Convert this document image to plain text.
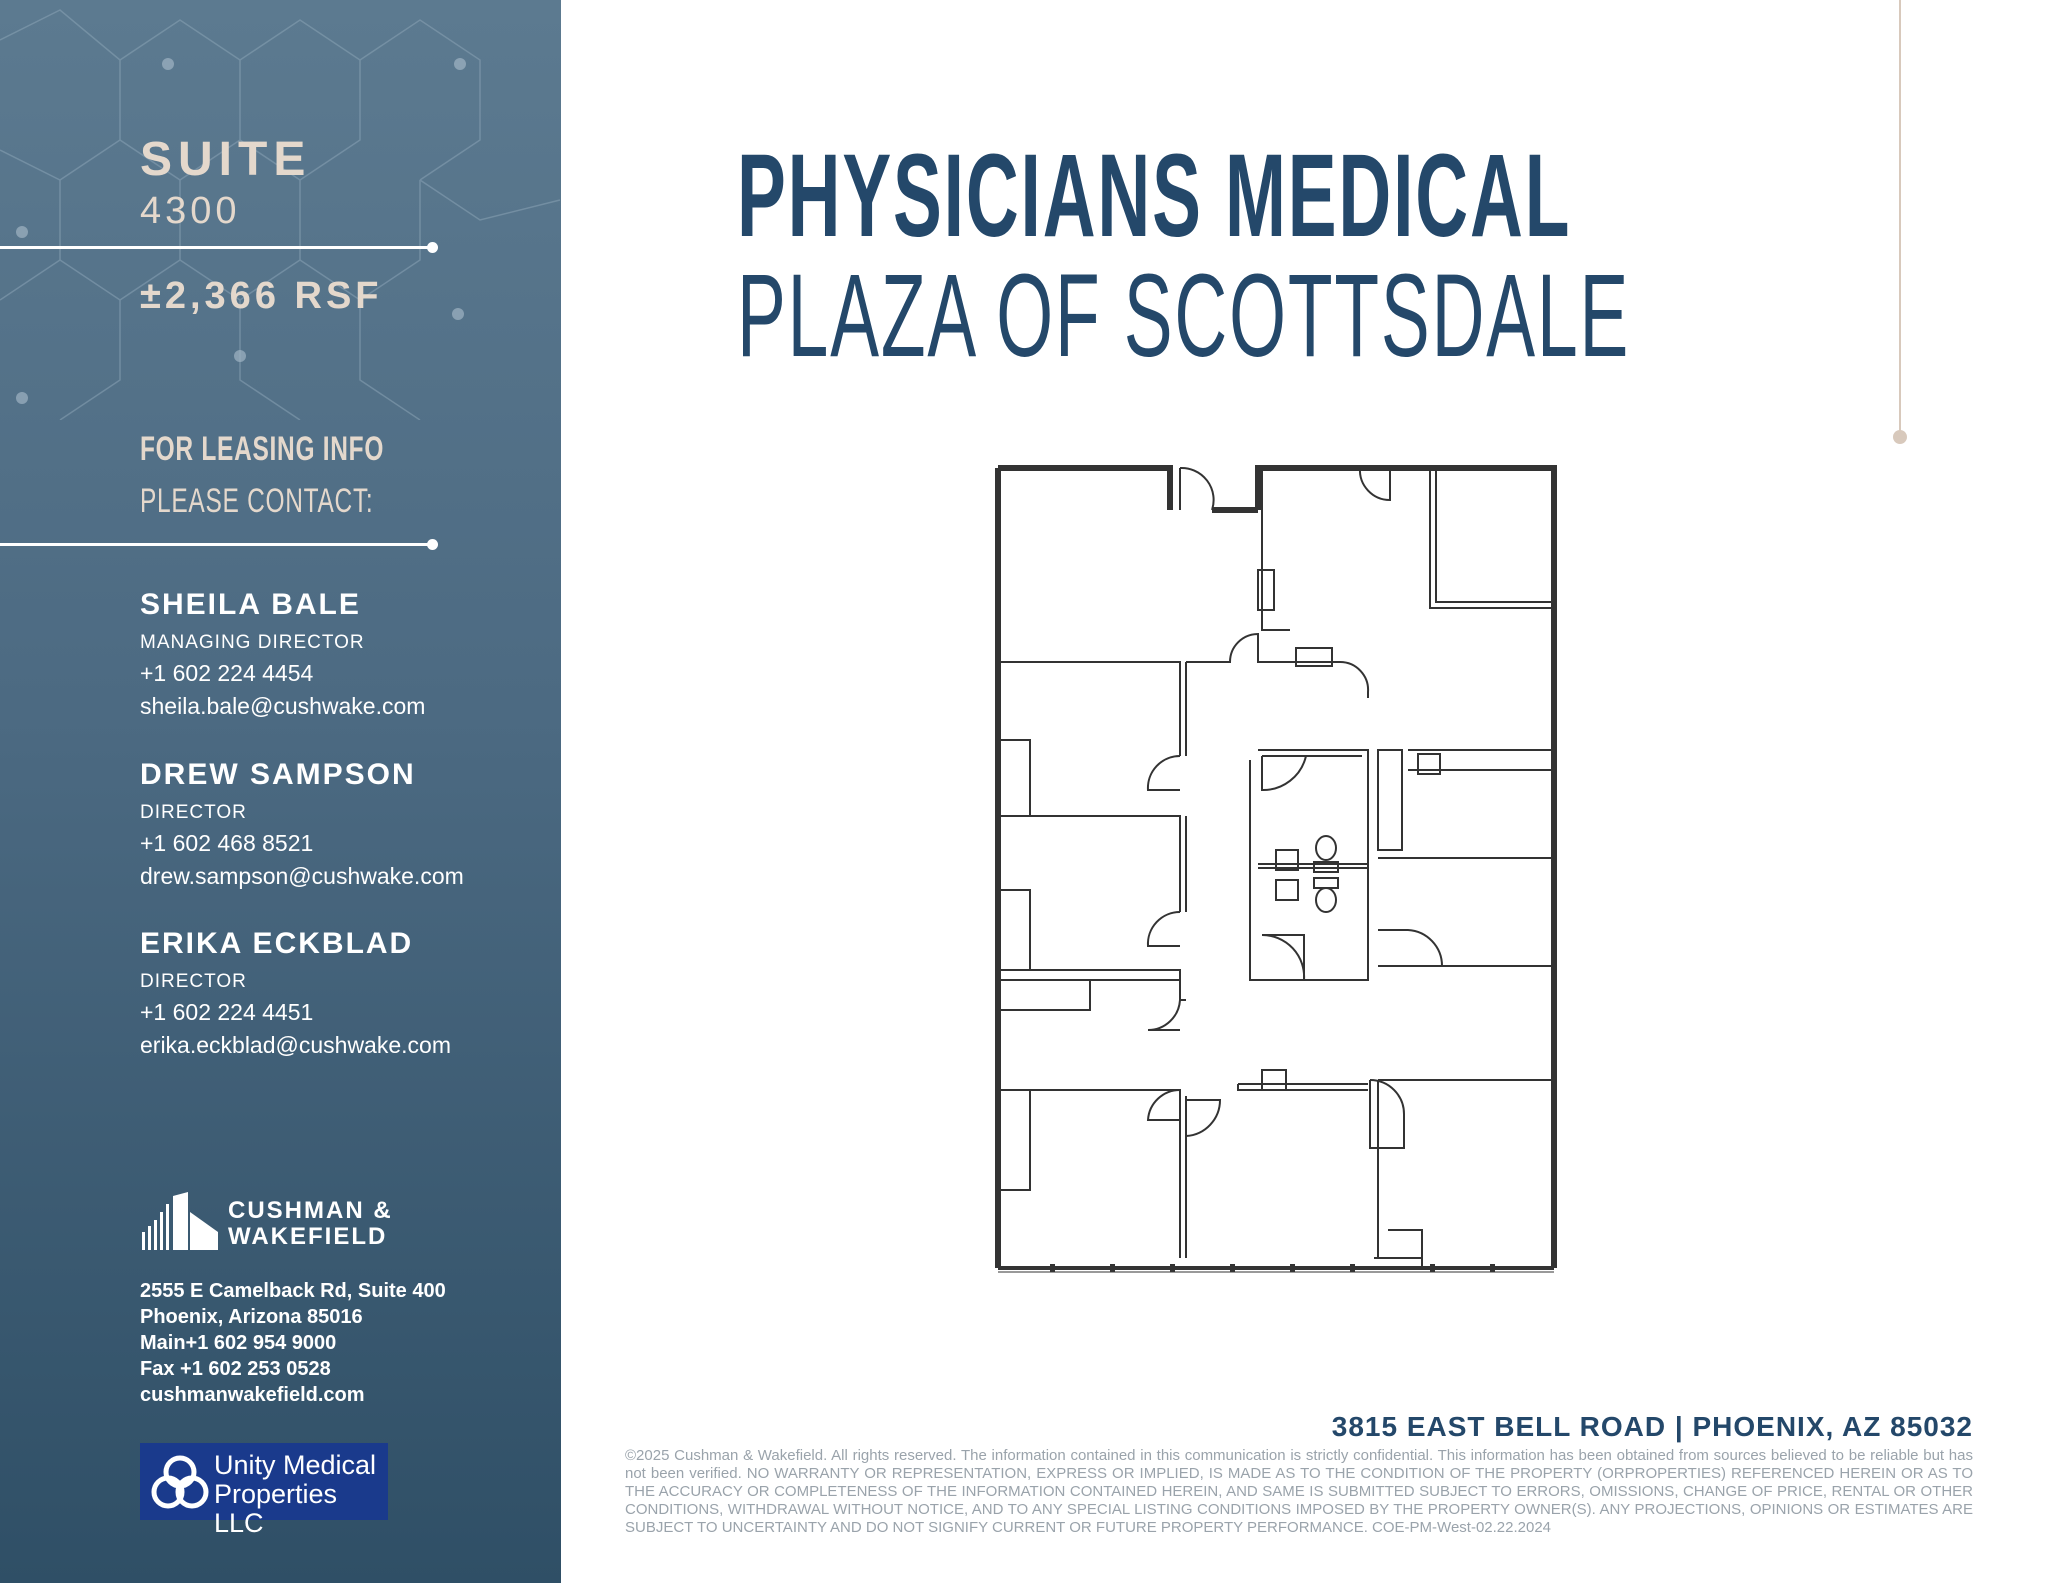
SUITE
4300
±2,366 RSF
FOR LEASING INFO
PLEASE CONTACT:
SHEILA BALE
MANAGING DIRECTOR
+1 602 224 4454
sheila.bale@cushwake.com
DREW SAMPSON
DIRECTOR
+1 602 468 8521
drew.sampson@cushwake.com
ERIKA ECKBLAD
DIRECTOR
+1 602 224 4451
erika.eckblad@cushwake.com
CUSHMAN &
WAKEFIELD
2555 E Camelback Rd, Suite 400
Phoenix, Arizona 85016
Main+1 602 954 9000
Fax +1 602 253 0528
cushmanwakefield.com
Unity Medical
Properties LLC
PHYSICIANS MEDICAL
PLAZA OF SCOTTSDALE
3815 EAST BELL ROAD | PHOENIX, AZ 85032
©2025 Cushman & Wakefield. All rights reserved. The information contained in this communication is strictly confidential. This information has been obtained from sources believed to be reliable but has not been verified. NO WARRANTY OR REPRESENTATION, EXPRESS OR IMPLIED, IS MADE AS TO THE CONDITION OF THE PROPERTY (ORPROPERTIES) REFERENCED HEREIN OR AS TO THE ACCURACY OR COMPLETENESS OF THE INFORMATION CONTAINED HEREIN, AND SAME IS SUBMITTED SUBJECT TO ERRORS, OMISSIONS, CHANGE OF PRICE, RENTAL OR OTHER CONDITIONS, WITHDRAWAL WITHOUT NOTICE, AND TO ANY SPECIAL LISTING CONDITIONS IMPOSED BY THE PROPERTY OWNER(S). ANY PROJECTIONS, OPINIONS OR ESTIMATES ARE SUBJECT TO UNCERTAINTY AND DO NOT SIGNIFY CURRENT OR FUTURE PROPERTY PERFORMANCE. COE-PM-West-02.22.2024
